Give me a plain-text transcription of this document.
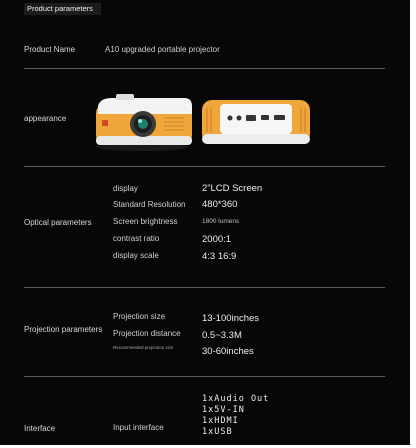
Product parameters
Product Name	A10 upgraded portable projector
appearance
Optical parameters
display	2”LCD Screen
Standard Resolution 480*360
Screen brightness	1800 lumens
contrast ratio	2000:1
display scale	4:3 16:9
Projection parameters
Projection size	13-100inches
Projection distance 0.5~3.3M
Recommended projection size	30-60inches
Interface	Input interface
1xAudio Out
1x5V-IN
1xHDMI
1xUSB
